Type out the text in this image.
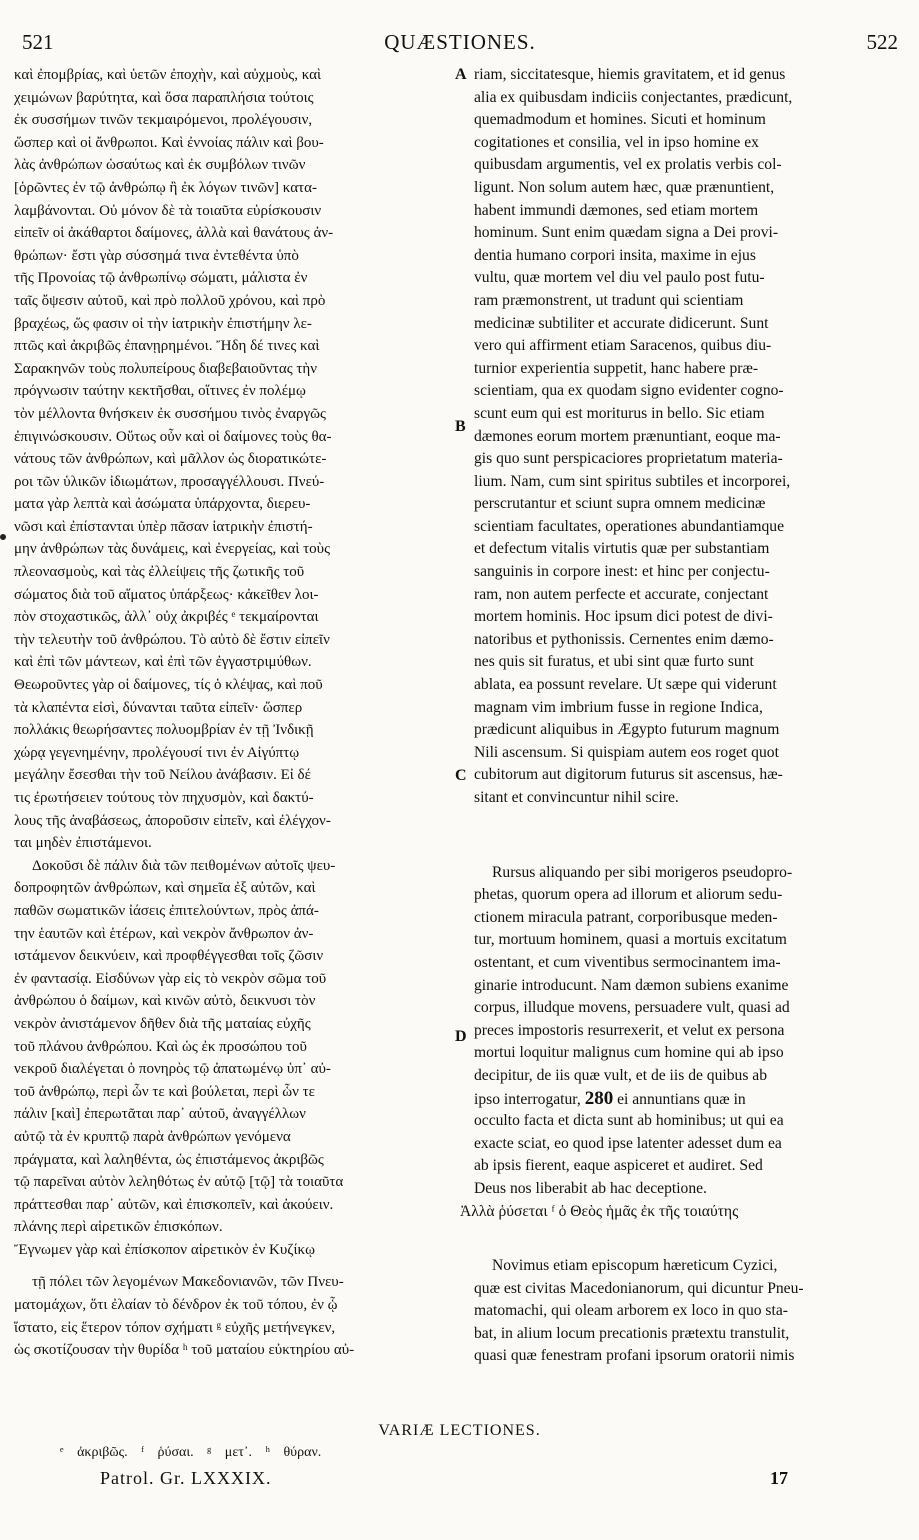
521	QUÆSTIONES.	522
καὶ ἐπομβρίας, καὶ ὑετῶν ἐποχὴν, καὶ αὐχμοὺς, καὶ
χειμώνων βαρύτητα, καὶ ὅσα παραπλήσια τούτοις
ἐκ συσσήμων τινῶν τεκμαιρόμενοι, προλέγουσιν,
ὥσπερ καὶ οἱ ἄνθρωποι. Καὶ ἐννοίας πάλιν καὶ βου-
λὰς ἀνθρώπων ὡσαύτως καὶ ἐκ συμβόλων τινῶν
[ὁρῶντες ἐν τῷ ἀνθρώπῳ ἢ ἐκ λόγων τινῶν] κατα-
λαμβάνονται. Οὐ μόνον δὲ τὰ τοιαῦτα εὑρίσκουσιν
εἰπεῖν οἱ ἀκάθαρτοι δαίμονες, ἀλλὰ καὶ θανάτους ἀν-
θρώπων· ἔστι γὰρ σύσσημά τινα ἐντεθέντα ὑπὸ
τῆς Προνοίας τῷ ἀνθρωπίνῳ σώματι, μάλιστα ἐν
ταῖς ὄψεσιν αὐτοῦ, καὶ πρὸ πολλοῦ χρόνου, καὶ πρὸ
βραχέως, ὥς φασιν οἱ τὴν ἰατρικὴν ἐπιστήμην λε-
πτῶς καὶ ἀκριβῶς ἐπανῃρημένοι. Ἤδη δέ τινες καὶ
Σαρακηνῶν τοὺς πολυπείρους διαβεβαιοῦντας τὴν
πρόγνωσιν ταύτην κεκτῆσθαι, οἵτινες ἐν πολέμῳ
τὸν μέλλοντα θνήσκειν ἐκ συσσήμου τινὸς ἐναργῶς
ἐπιγινώσκουσιν. Οὕτως οὖν καὶ οἱ δαίμονες τοὺς θα-
νάτους τῶν ἀνθρώπων, καὶ μᾶλλον ὡς διορατικώτε-
ροι τῶν ὑλικῶν ἰδιωμάτων, προσαγγέλλουσι. Πνεύ-
ματα γὰρ λεπτὰ καὶ ἀσώματα ὑπάρχοντα, διερευ-
νῶσι καὶ ἐπίστανται ὑπὲρ πᾶσαν ἰατρικὴν ἐπιστή-
μην ἀνθρώπων τὰς δυνάμεις, καὶ ἐνεργείας, καὶ τοὺς
πλεονασμοὺς, καὶ τὰς ἐλλείψεις τῆς ζωτικῆς τοῦ
σώματος διὰ τοῦ αἵματος ὑπάρξεως· κἀκεῖθεν λοι-
πὸν στοχαστικῶς, ἀλλ᾽ οὐχ ἀκριβές ᵉ τεκμαίρονται
τὴν τελευτὴν τοῦ ἀνθρώπου. Τὸ αὐτὸ δὲ ἔστιν εἰπεῖν
καὶ ἐπὶ τῶν μάντεων, καὶ ἐπὶ τῶν ἐγγαστριμύθων.
Θεωροῦντες γὰρ οἱ δαίμονες, τίς ὁ κλέψας, καὶ ποῦ
τὰ κλαπέντα εἰσὶ, δύνανται ταῦτα εἰπεῖν· ὥσπερ
πολλάκις θεωρήσαντες πολυομβρίαν ἐν τῇ Ἰνδικῇ
χώρᾳ γεγενημένην, προλέγουσί τινι ἐν Αἰγύπτῳ
μεγάλην ἔσεσθαι τὴν τοῦ Νείλου ἀνάβασιν. Εἰ δέ
τις ἐρωτήσειεν τούτους τὸν πηχυσμὸν, καὶ δακτύ-
λους τῆς ἀναβάσεως, ἀποροῦσιν εἰπεῖν, καὶ ἐλέγχον-
ται μηδὲν ἐπιστάμενοι.
Δοκοῦσι δὲ πάλιν διὰ τῶν πειθομένων αὐτοῖς ψευ-
δοπροφητῶν ἀνθρώπων, καὶ σημεῖα ἐξ αὐτῶν, καὶ
παθῶν σωματικῶν ἰάσεις ἐπιτελούντων, πρὸς ἀπά-
την ἑαυτῶν καὶ ἑτέρων, καὶ νεκρὸν ἄνθρωπον ἀν-
ιστάμενον δεικνύειν, καὶ προφθέγγεσθαι τοῖς ζῶσιν
ἐν φαντασίᾳ. Εἰσδύνων γὰρ εἰς τὸ νεκρὸν σῶμα τοῦ
ἀνθρώπου ὁ δαίμων, καὶ κινῶν αὐτὸ, δεικνυσι τὸν
νεκρὸν ἀνιστάμενον δῆθεν διὰ τῆς ματαίας εὐχῆς
τοῦ πλάνου ἀνθρώπου. Καὶ ὡς ἐκ προσώπου τοῦ
νεκροῦ διαλέγεται ὁ πονηρὸς τῷ ἀπατωμένῳ ὑπ᾽ αὐ-
τοῦ ἀνθρώπῳ, περὶ ὧν τε καὶ βούλεται, περὶ ὧν τε
πάλιν [καὶ] ἐπερωτᾶται παρ᾽ αὐτοῦ, ἀναγγέλλων
αὐτῷ τὰ ἐν κρυπτῷ παρὰ ἀνθρώπων γενόμενα
πράγματα, καὶ λαληθέντα, ὡς ἐπιστάμενος ἀκριβῶς
τῷ παρεῖναι αὐτὸν λεληθότως ἐν αὐτῷ [τῷ] τὰ τοιαῦτα
πράττεσθαι παρ᾽ αὐτῶν, καὶ ἐπισκοπεῖν, καὶ ἀκούειν.
πλάνης περὶ αἱρετικῶν ἐπισκόπων.
Ἔγνωμεν γὰρ καὶ ἐπίσκοπον αἱρετικὸν ἐν Κυζίκῳ
τῇ πόλει τῶν λεγομένων Μακεδονιανῶν, τῶν Πνευ-
ματομάχων, ὅτι ἐλαίαν τὸ δένδρον ἐκ τοῦ τόπου, ἐν ᾧ
ἵστατο, εἰς ἕτερον τόπον σχήματι ᵍ εὐχῆς μετήνεγκεν,
ὡς σκοτίζουσαν τὴν θυρίδα ʰ τοῦ ματαίου εὐκτηρίου αὐ-
A
B
C
D
riam, siccitatesque, hiemis gravitatem, et id genus
alia ex quibusdam indiciis conjectantes, prædicunt,
quemadmodum et homines. Sicuti et hominum
cogitationes et consilia, vel in ipso homine ex
quibusdam argumentis, vel ex prolatis verbis col-
ligunt. Non solum autem hæc, quæ prænuntient,
habent immundi dæmones, sed etiam mortem
hominum. Sunt enim quædam signa a Dei provi-
dentia humano corpori insita, maxime in ejus
vultu, quæ mortem vel diu vel paulo post futu-
ram præmonstrent, ut tradunt qui scientiam
medicinæ subtiliter et accurate didicerunt. Sunt
vero qui affirment etiam Saracenos, quibus diu-
turnior experientia suppetit, hanc habere præ-
scientiam, qua ex quodam signo evidenter cogno-
scunt eum qui est moriturus in bello. Sic etiam
dæmones eorum mortem prænuntiant, eoque ma-
gis quo sunt perspicaciores proprietatum materia-
lium. Nam, cum sint spiritus subtiles et incorporei,
perscrutantur et sciunt supra omnem medicinæ
scientiam facultates, operationes abundantiamque
et defectum vitalis virtutis quæ per substantiam
sanguinis in corpore inest: et hinc per conjectu-
ram, non autem perfecte et accurate, conjectant
mortem hominis. Hoc ipsum dici potest de divi-
natoribus et pythonissis. Cernentes enim dæmo-
nes quis sit furatus, et ubi sint quæ furto sunt
ablata, ea possunt revelare. Ut sæpe qui viderunt
magnam vim imbrium fusse in regione Indica,
prædicunt aliquibus in Ægypto futurum magnum
Nili ascensum. Si quispiam autem eos roget quot
cubitorum aut digitorum futurus sit ascensus, hæ-
sitant et convincuntur nihil scire.
Rursus aliquando per sibi morigeros pseudopro-
phetas, quorum opera ad illorum et aliorum sedu-
ctionem miracula patrant, corporibusque meden-
tur, mortuum hominem, quasi a mortuis excitatum
ostentant, et cum viventibus sermocinantem ima-
ginarie introducunt. Nam dæmon subiens exanime
corpus, illudque movens, persuadere vult, quasi ad
preces impostoris resurrexerit, et velut ex persona
mortui loquitur malignus cum homine qui ab ipso
decipitur, de iis quæ vult, et de iis de quibus ab
ipso interrogatur, 280 ei annuntians quæ in
occulto facta et dicta sunt ab hominibus; ut qui ea
exacte sciat, eo quod ipse latenter adesset dum ea
ab ipsis fierent, eaque aspiceret et audiret. Sed
Deus nos liberabit ab hac deceptione.
Ἀλλὰ ῥύσεται ᶠ ὁ Θεὸς ἡμᾶς ἐκ τῆς τοιαύτης
Novimus etiam episcopum hæreticum Cyzici,
quæ est civitas Macedonianorum, qui dicuntur Pneu-
matomachi, qui oleam arborem ex loco in quo sta-
bat, in alium locum precationis prætextu transtulit,
quasi quæ fenestram profani ipsorum oratorii nimis
VARIÆ LECTIONES.
ᵉ ἀκριβῶς. ᶠ ῥύσαι. ᵍ μετ᾽. ʰ θύραν.
Patrol. Gr. LXXXIX.	17
